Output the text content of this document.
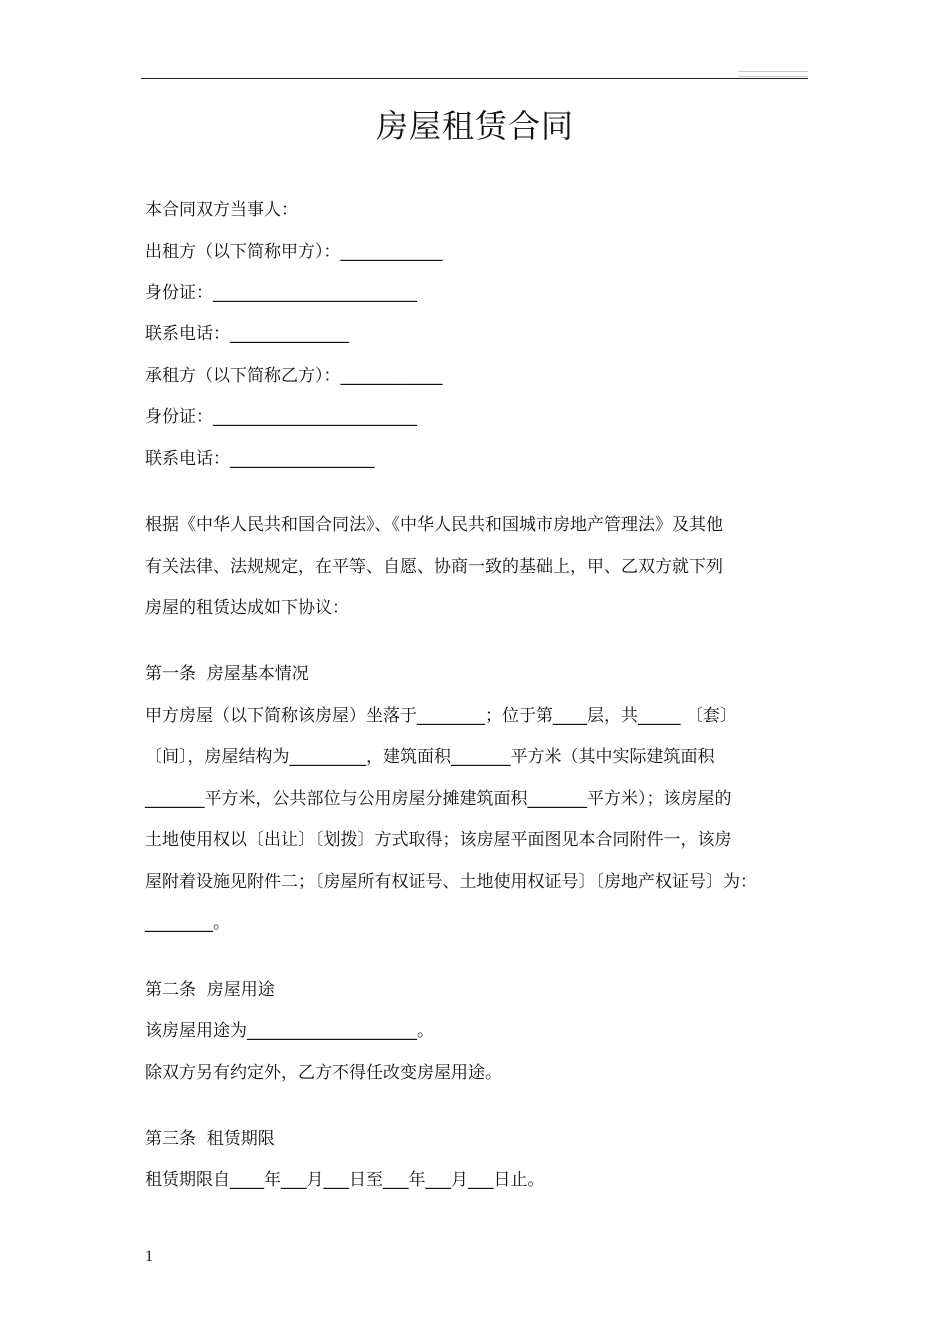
房屋租赁合同
本合同双方当事人：
出租方（以下简称甲方）：____________
身份证：________________________
联系电话：______________
承租方（以下简称乙方）：____________
身份证：________________________
联系电话：_________________
根据《中华人民共和国合同法》、《中华人民共和国城市房地产管理法》及其他
有关法律、法规规定，在平等、自愿、协商一致的基础上，甲、乙双方就下列
房屋的租赁达成如下协议：
第一条  房屋基本情况
甲方房屋（以下简称该房屋）坐落于________；位于第____层，共_____ 〔套〕
〔间〕，房屋结构为_________，建筑面积_______平方米（其中实际建筑面积
_______平方米，公共部位与公用房屋分摊建筑面积_______平方米）；该房屋的
土地使用权以〔出让〕〔划拨〕方式取得；该房屋平面图见本合同附件一，该房
屋附着设施见附件二；〔房屋所有权证号、土地使用权证号〕〔房地产权证号〕为：
________。
第二条  房屋用途
该房屋用途为____________________。
除双方另有约定外，乙方不得任改变房屋用途。
第三条  租赁期限
租赁期限自____年___月___日至___年___月___日止。
1
